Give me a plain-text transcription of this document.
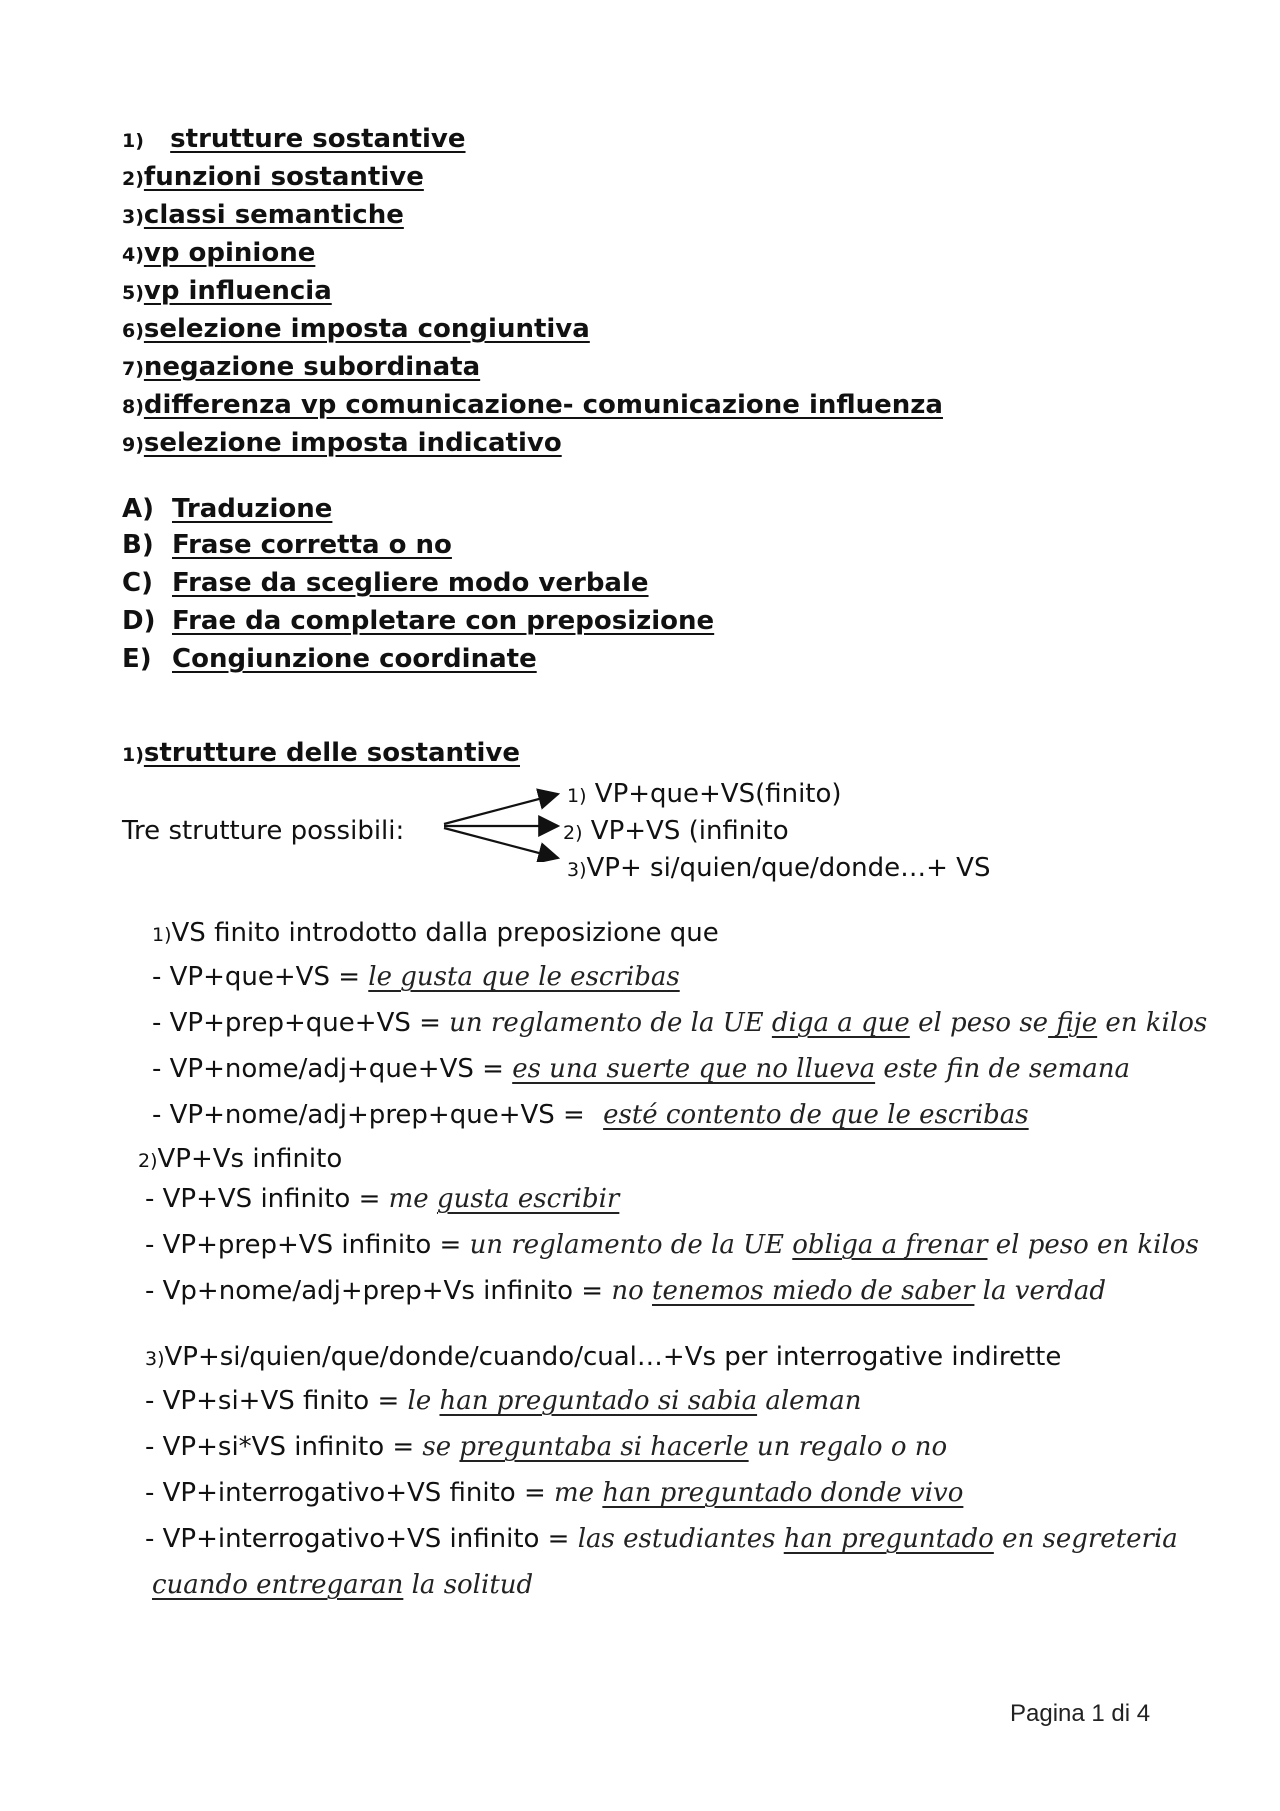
1) strutture sostantive
2)funzioni sostantive
3)classi semantiche
4)vp opinione
5)vp influencia
6)selezione imposta congiuntiva
7)negazione subordinata
8)differenza vp comunicazione- comunicazione influenza
9)selezione imposta indicativo
A) Traduzione
B) Frase corretta o no
C) Frase da scegliere modo verbale
D) Frae da completare con preposizione
E) Congiunzione coordinate
1)strutture delle sostantive
Tre strutture possibili:
1) VP+que+VS(finito)
2) VP+VS (infinito
3)VP+ si/quien/que/donde…+ VS
1)VS finito introdotto dalla preposizione que
- VP+que+VS = le gusta que le escribas
- VP+prep+que+VS = un reglamento de la UE diga a que el peso se fije en kilos
- VP+nome/adj+que+VS = es una suerte que no llueva este fin de semana
- VP+nome/adj+prep+que+VS = esté contento de que le escribas
2)VP+Vs infinito
- VP+VS infinito = me gusta escribir
- VP+prep+VS infinito = un reglamento de la UE obliga a frenar el peso en kilos
- Vp+nome/adj+prep+Vs infinito = no tenemos miedo de saber la verdad
3)VP+si/quien/que/donde/cuando/cual…+Vs per interrogative indirette
- VP+si+VS finito = le han preguntado si sabia aleman
- VP+si*VS infinito = se preguntaba si hacerle un regalo o no
- VP+interrogativo+VS finito = me han preguntado donde vivo
- VP+interrogativo+VS infinito = las estudiantes han preguntado en segreteria
cuando entregaran la solitud
Pagina 1 di 4
